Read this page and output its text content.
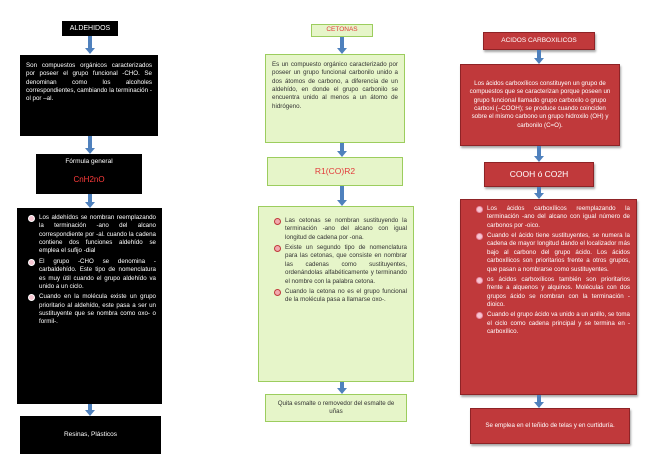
ALDEHIDOS
Son compuestos orgánicos caracterizados por poseer el grupo funcional -CHO. Se denominan como los alcoholes correspondientes, cambiando la terminación -ol por –al.
Fórmula general
CnH2nO
Los aldehídos se nombran reemplazando la terminación -ano del alcano correspondiente por -al. cuando la cadena contiene dos funciones aldehído se emplea el sufijo -dial
El grupo -CHO se denomina -carbaldehído. Este tipo de nomenclatura es muy útil cuando el grupo aldehído va unido a un ciclo.
Cuando en la molécula existe un grupo prioritario al aldehído, este pasa a ser un sustituyente que se nombra como oxo- o formil-.
Resinas, Plásticos
CETONAS
Es un compuesto orgánico caracterizado por poseer un grupo funcional carbonilo unido a dos átomos de carbono, a diferencia de un aldehído, en donde el grupo carbonilo se encuentra unido al menos a un átomo de hidrógeno.
R1(CO)R2
Las cetonas se nombran sustituyendo la terminación -ano del alcano con igual longitud de cadena por -ona.
Existe un segundo tipo de nomenclatura para las cetonas, que consiste en nombrar las cadenas como sustituyentes, ordenándolas alfabéticamente y terminando el nombre con la palabra cetona.
Cuando la cetona no es el grupo funcional de la molécula pasa a llamarse oxo-.
Quita esmalte o removedor del esmalte de uñas
ACIDOS CARBOXILICOS
Los ácidos carboxílicos constituyen un grupo de compuestos que se caracterizan porque poseen un grupo funcional llamado grupo carboxilo o grupo carboxi (–COOH); se produce cuando coinciden sobre el mismo carbono un grupo hidroxilo (OH) y carbonilo (C=O).
COOH ó CO2H
Los ácidos carboxílicos reemplazando la terminación -ano del alcano con igual número de carbonos por -oico.
Cuando el ácido tiene sustituyentes, se numera la cadena de mayor longitud dando el localizador más bajo al carbono del grupo ácido. Los ácidos carboxílicos son prioritarios frente a otros grupos, que pasan a nombrarse como sustituyentes.
os ácidos carboxílicos también son prioritarios frente a alquenos y alquinos. Moléculas con dos grupos ácido se nombran con la terminación -dioico.
Cuando el grupo ácido va unido a un anillo, se toma el ciclo como cadena principal y se termina en -carboxílico.
Se emplea en el teñido de telas y en curtiduría.
